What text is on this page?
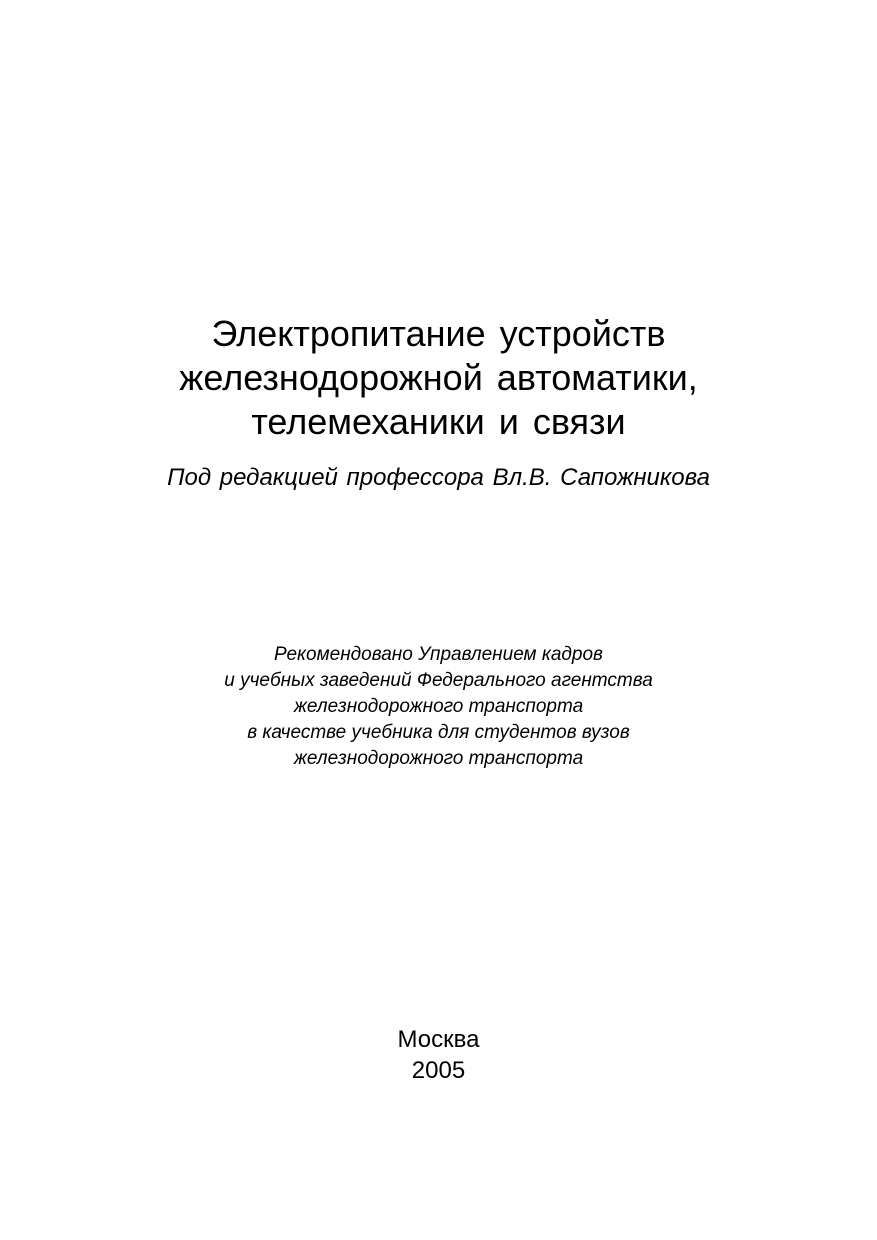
Электропитание устройств
железнодорожной автоматики,
телемеханики и связи
Под редакцией профессора Вл.В. Сапожникова
Рекомендовано Управлением кадров
и учебных заведений Федерального агентства
железнодорожного транспорта
в качестве учебника для студентов вузов
железнодорожного транспорта
Москва
2005
